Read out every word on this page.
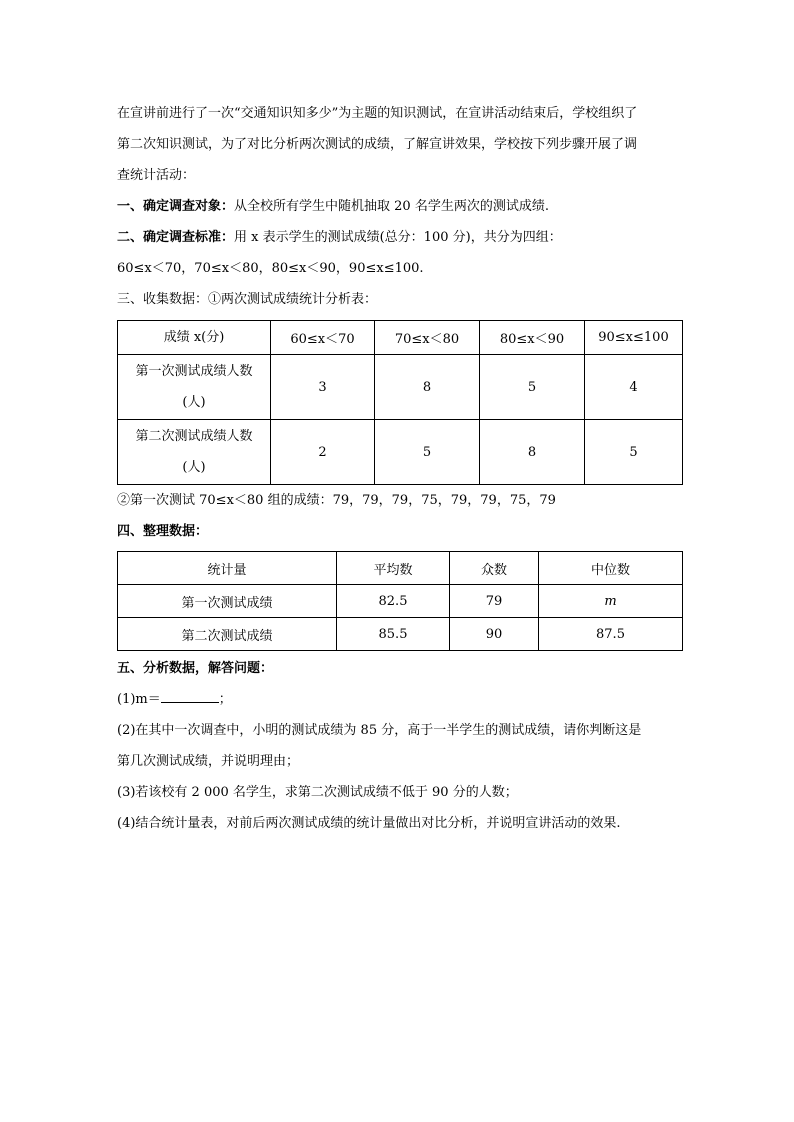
在宣讲前进行了一次“交通知识知多少”为主题的知识测试，在宣讲活动结束后，学校组织了

第二次知识测试，为了对比分析两次测试的成绩，了解宣讲效果，学校按下列步骤开展了调

查统计活动：

一、确定调查对象：从全校所有学生中随机抽取 20 名学生两次的测试成绩.

二、确定调查标准：用 x 表示学生的测试成绩(总分：100 分)，共分为四组：

60≤x＜70，70≤x＜80，80≤x＜90，90≤x≤100.

三、收集数据：①两次测试成绩统计分析表：

成绩 x(分)	60≤x＜70	70≤x＜80	80≤x＜90	90≤x≤100
第一次测试成绩人数
(人)	3	8	5	4
第二次测试成绩人数
(人)	2	5	8	5

②第一次测试 70≤x＜80 组的成绩：79，79，79，75，79，79，75，79

四、整理数据：

统计量	平均数	众数	中位数
第一次测试成绩	82.5	79	m
第二次测试成绩	85.5	90	87.5

五、分析数据，解答问题：

(1)m＝	；

(2)在其中一次调查中，小明的测试成绩为 85 分，高于一半学生的测试成绩，请你判断这是

第几次测试成绩，并说明理由；

(3)若该校有 2 000 名学生，求第二次测试成绩不低于 90 分的人数；

(4)结合统计量表，对前后两次测试成绩的统计量做出对比分析，并说明宣讲活动的效果.
